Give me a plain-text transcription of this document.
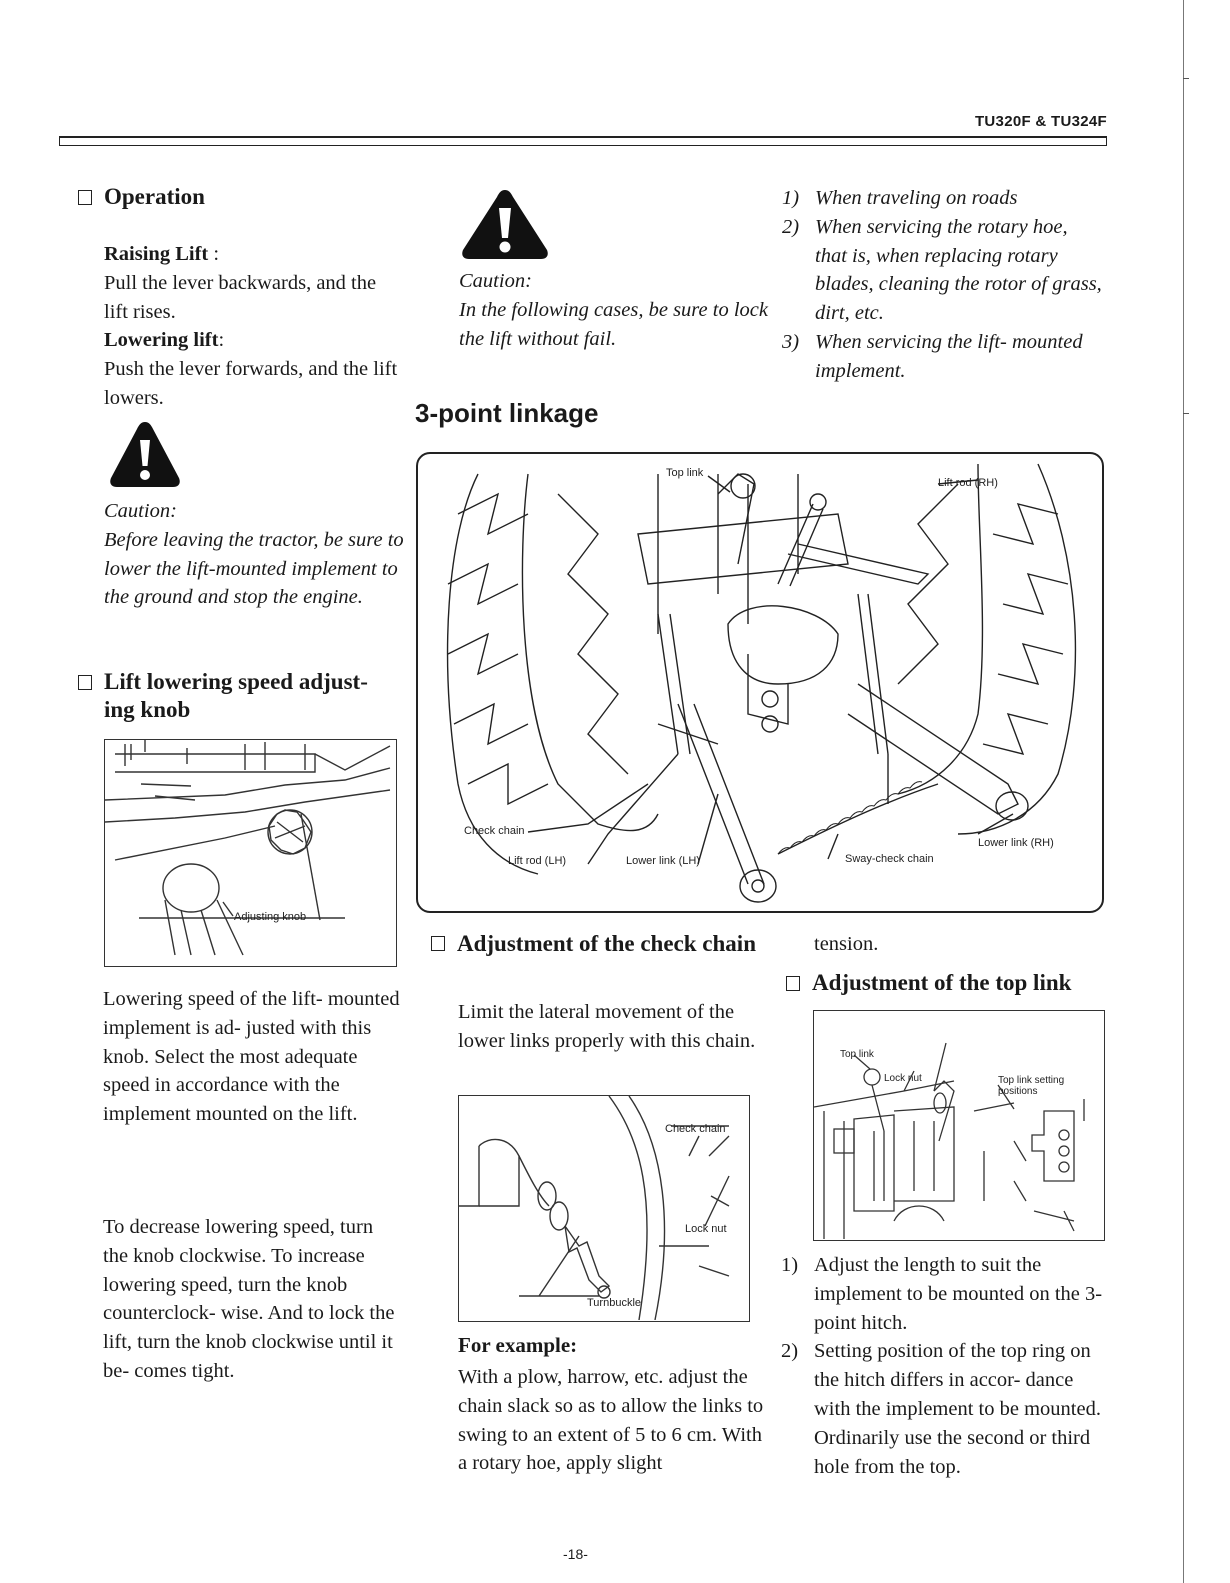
TU320F & TU324F
Operation
Raising Lift :
Pull the lever backwards, and the lift rises.
Lowering lift:
Push the lever forwards, and the lift lowers.
Caution:
Before leaving the tractor, be sure to lower the lift-mounted implement to the ground and stop the engine.
Lift lowering speed adjust- ing knob
Adjusting knob
Lowering speed of the lift- mounted implement is ad- justed with this knob. Select the most adequate speed in accordance with the implement mounted on the lift.
To decrease lowering speed, turn the knob clockwise. To increase lowering speed, turn the knob counterclock- wise. And to lock the lift, turn the knob clockwise until it be- comes tight.
Caution:
In the following cases, be sure to lock the lift without fail.
3-point linkage
Top link
Lift rod (RH)
Check chain
Lift rod (LH)	Lower link (LH)	Sway-check chain
Lower link (RH)
Adjustment of the check chain
Limit the lateral movement of the lower links properly with this chain.
Check chain
Lock nut
Turnbuckle
For example:
With a plow, harrow, etc. adjust the chain slack so as to allow the links to swing to an extent of 5 to 6 cm. With a rotary hoe, apply slight
-18-
1) When traveling on roads
2) When servicing the rotary hoe, that is, when replacing rotary blades, cleaning the rotor of grass, dirt, etc.
3) When servicing the lift- mounted implement.
tension.
Adjustment of the top link
Top link
Lock nut	Top link setting positions
1) Adjust the length to suit the implement to be mounted on the 3-point hitch.
2) Setting position of the top ring on the hitch differs in accor- dance with the implement to be mounted. Ordinarily use the second or third hole from the top.
